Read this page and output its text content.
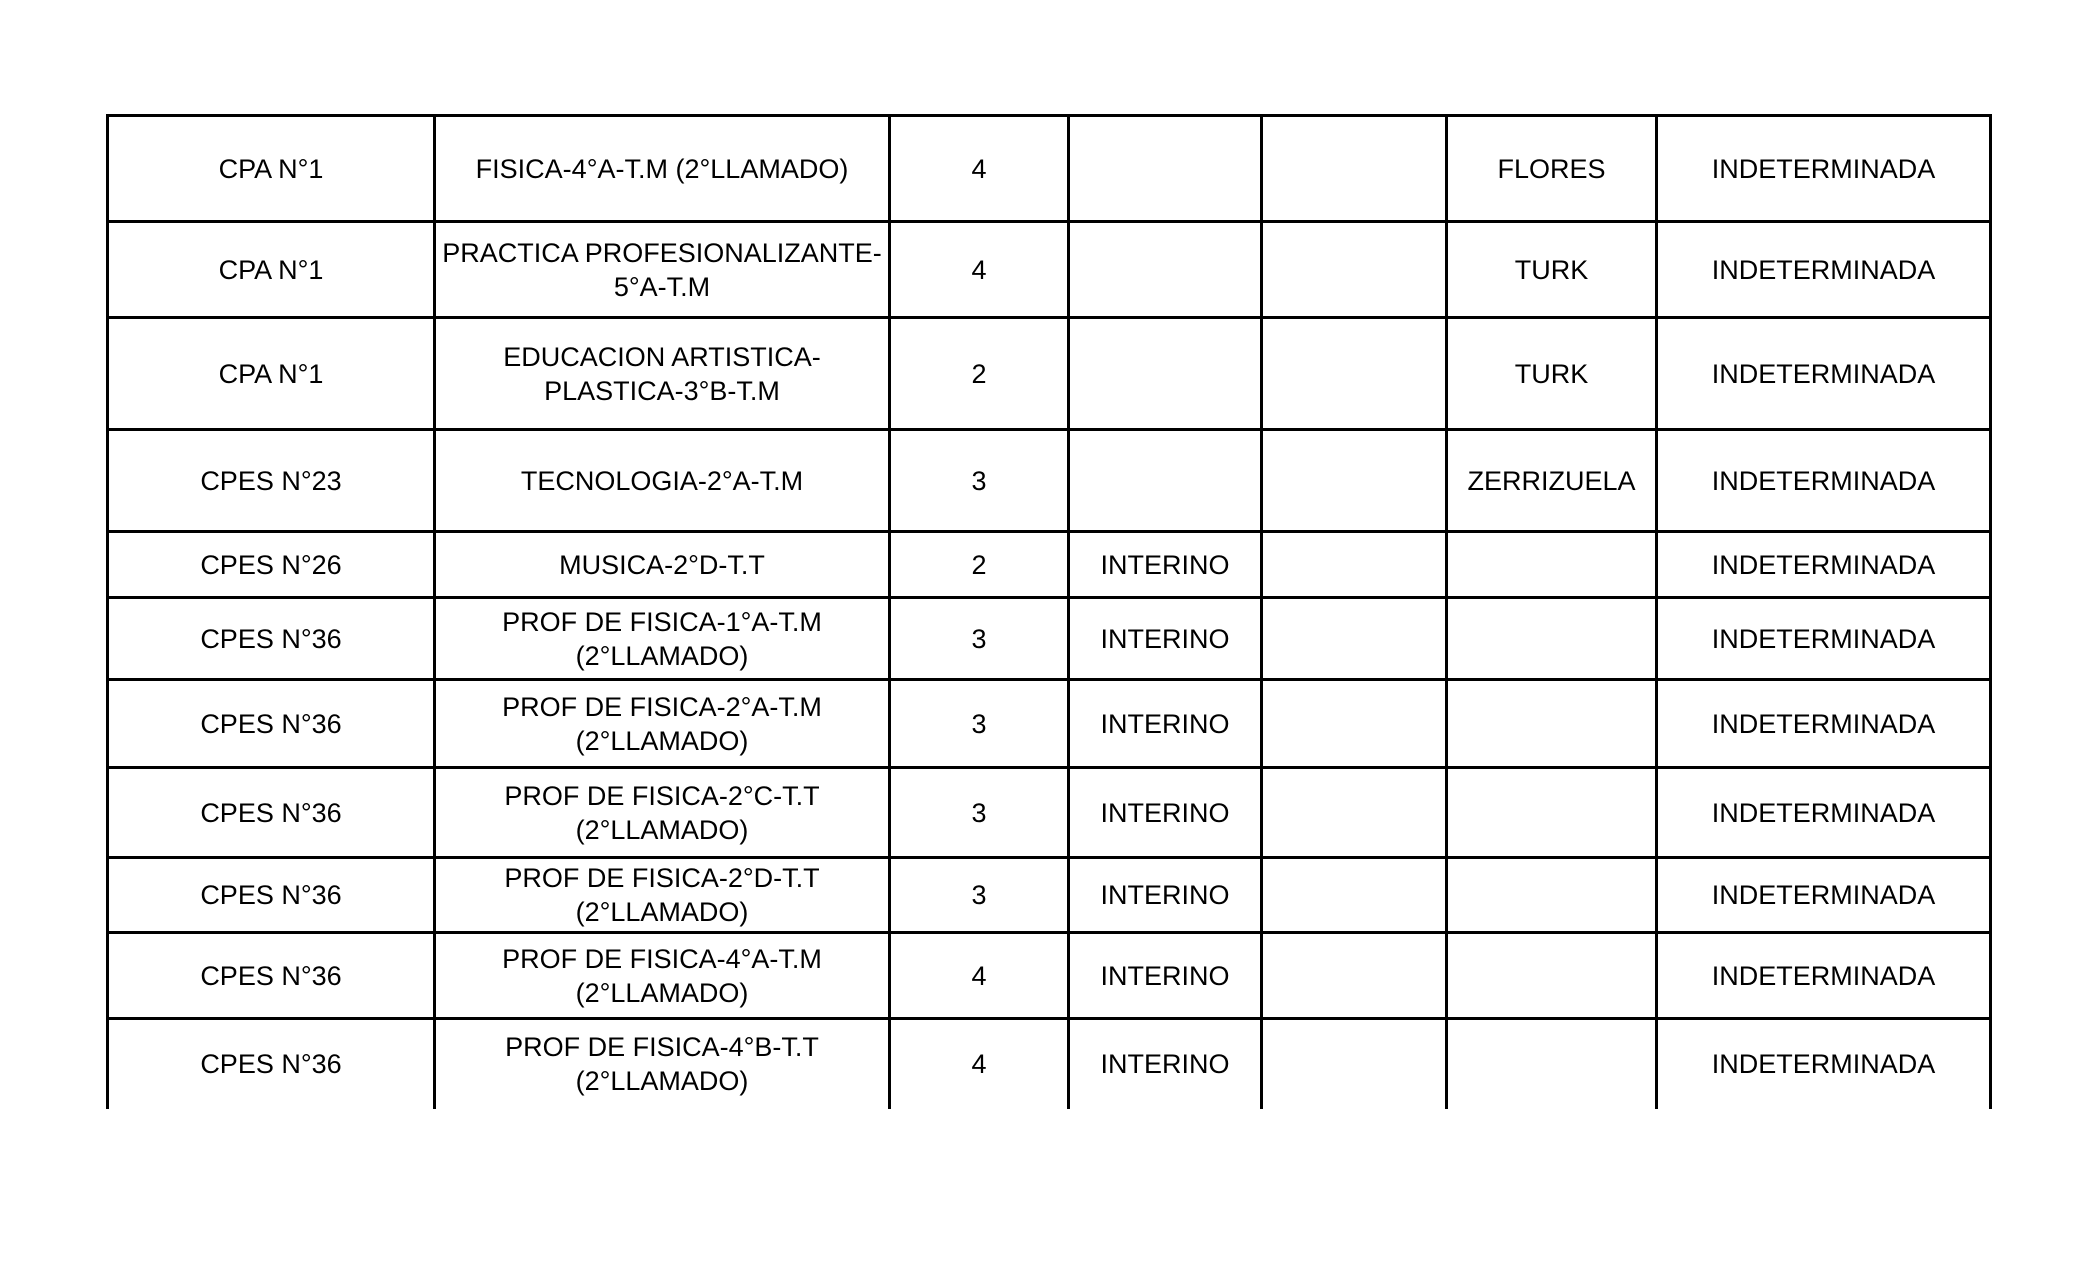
CPA N°1	FISICA-4°A-T.M (2°LLAMADO)	4			FLORES	INDETERMINADA
CPA N°1	PRACTICA PROFESIONALIZANTE-5°A-T.M	4			TURK	INDETERMINADA
CPA N°1	EDUCACION ARTISTICA-PLASTICA-3°B-T.M	2			TURK	INDETERMINADA
CPES N°23	TECNOLOGIA-2°A-T.M	3			ZERRIZUELA	INDETERMINADA
CPES N°26	MUSICA-2°D-T.T	2	INTERINO			INDETERMINADA
CPES N°36	PROF DE FISICA-1°A-T.M (2°LLAMADO)	3	INTERINO			INDETERMINADA
CPES N°36	PROF DE FISICA-2°A-T.M (2°LLAMADO)	3	INTERINO			INDETERMINADA
CPES N°36	PROF DE FISICA-2°C-T.T (2°LLAMADO)	3	INTERINO			INDETERMINADA
CPES N°36	PROF DE FISICA-2°D-T.T (2°LLAMADO)	3	INTERINO			INDETERMINADA
CPES N°36	PROF DE FISICA-4°A-T.M (2°LLAMADO)	4	INTERINO			INDETERMINADA
CPES N°36	PROF DE FISICA-4°B-T.T (2°LLAMADO)	4	INTERINO			INDETERMINADA
